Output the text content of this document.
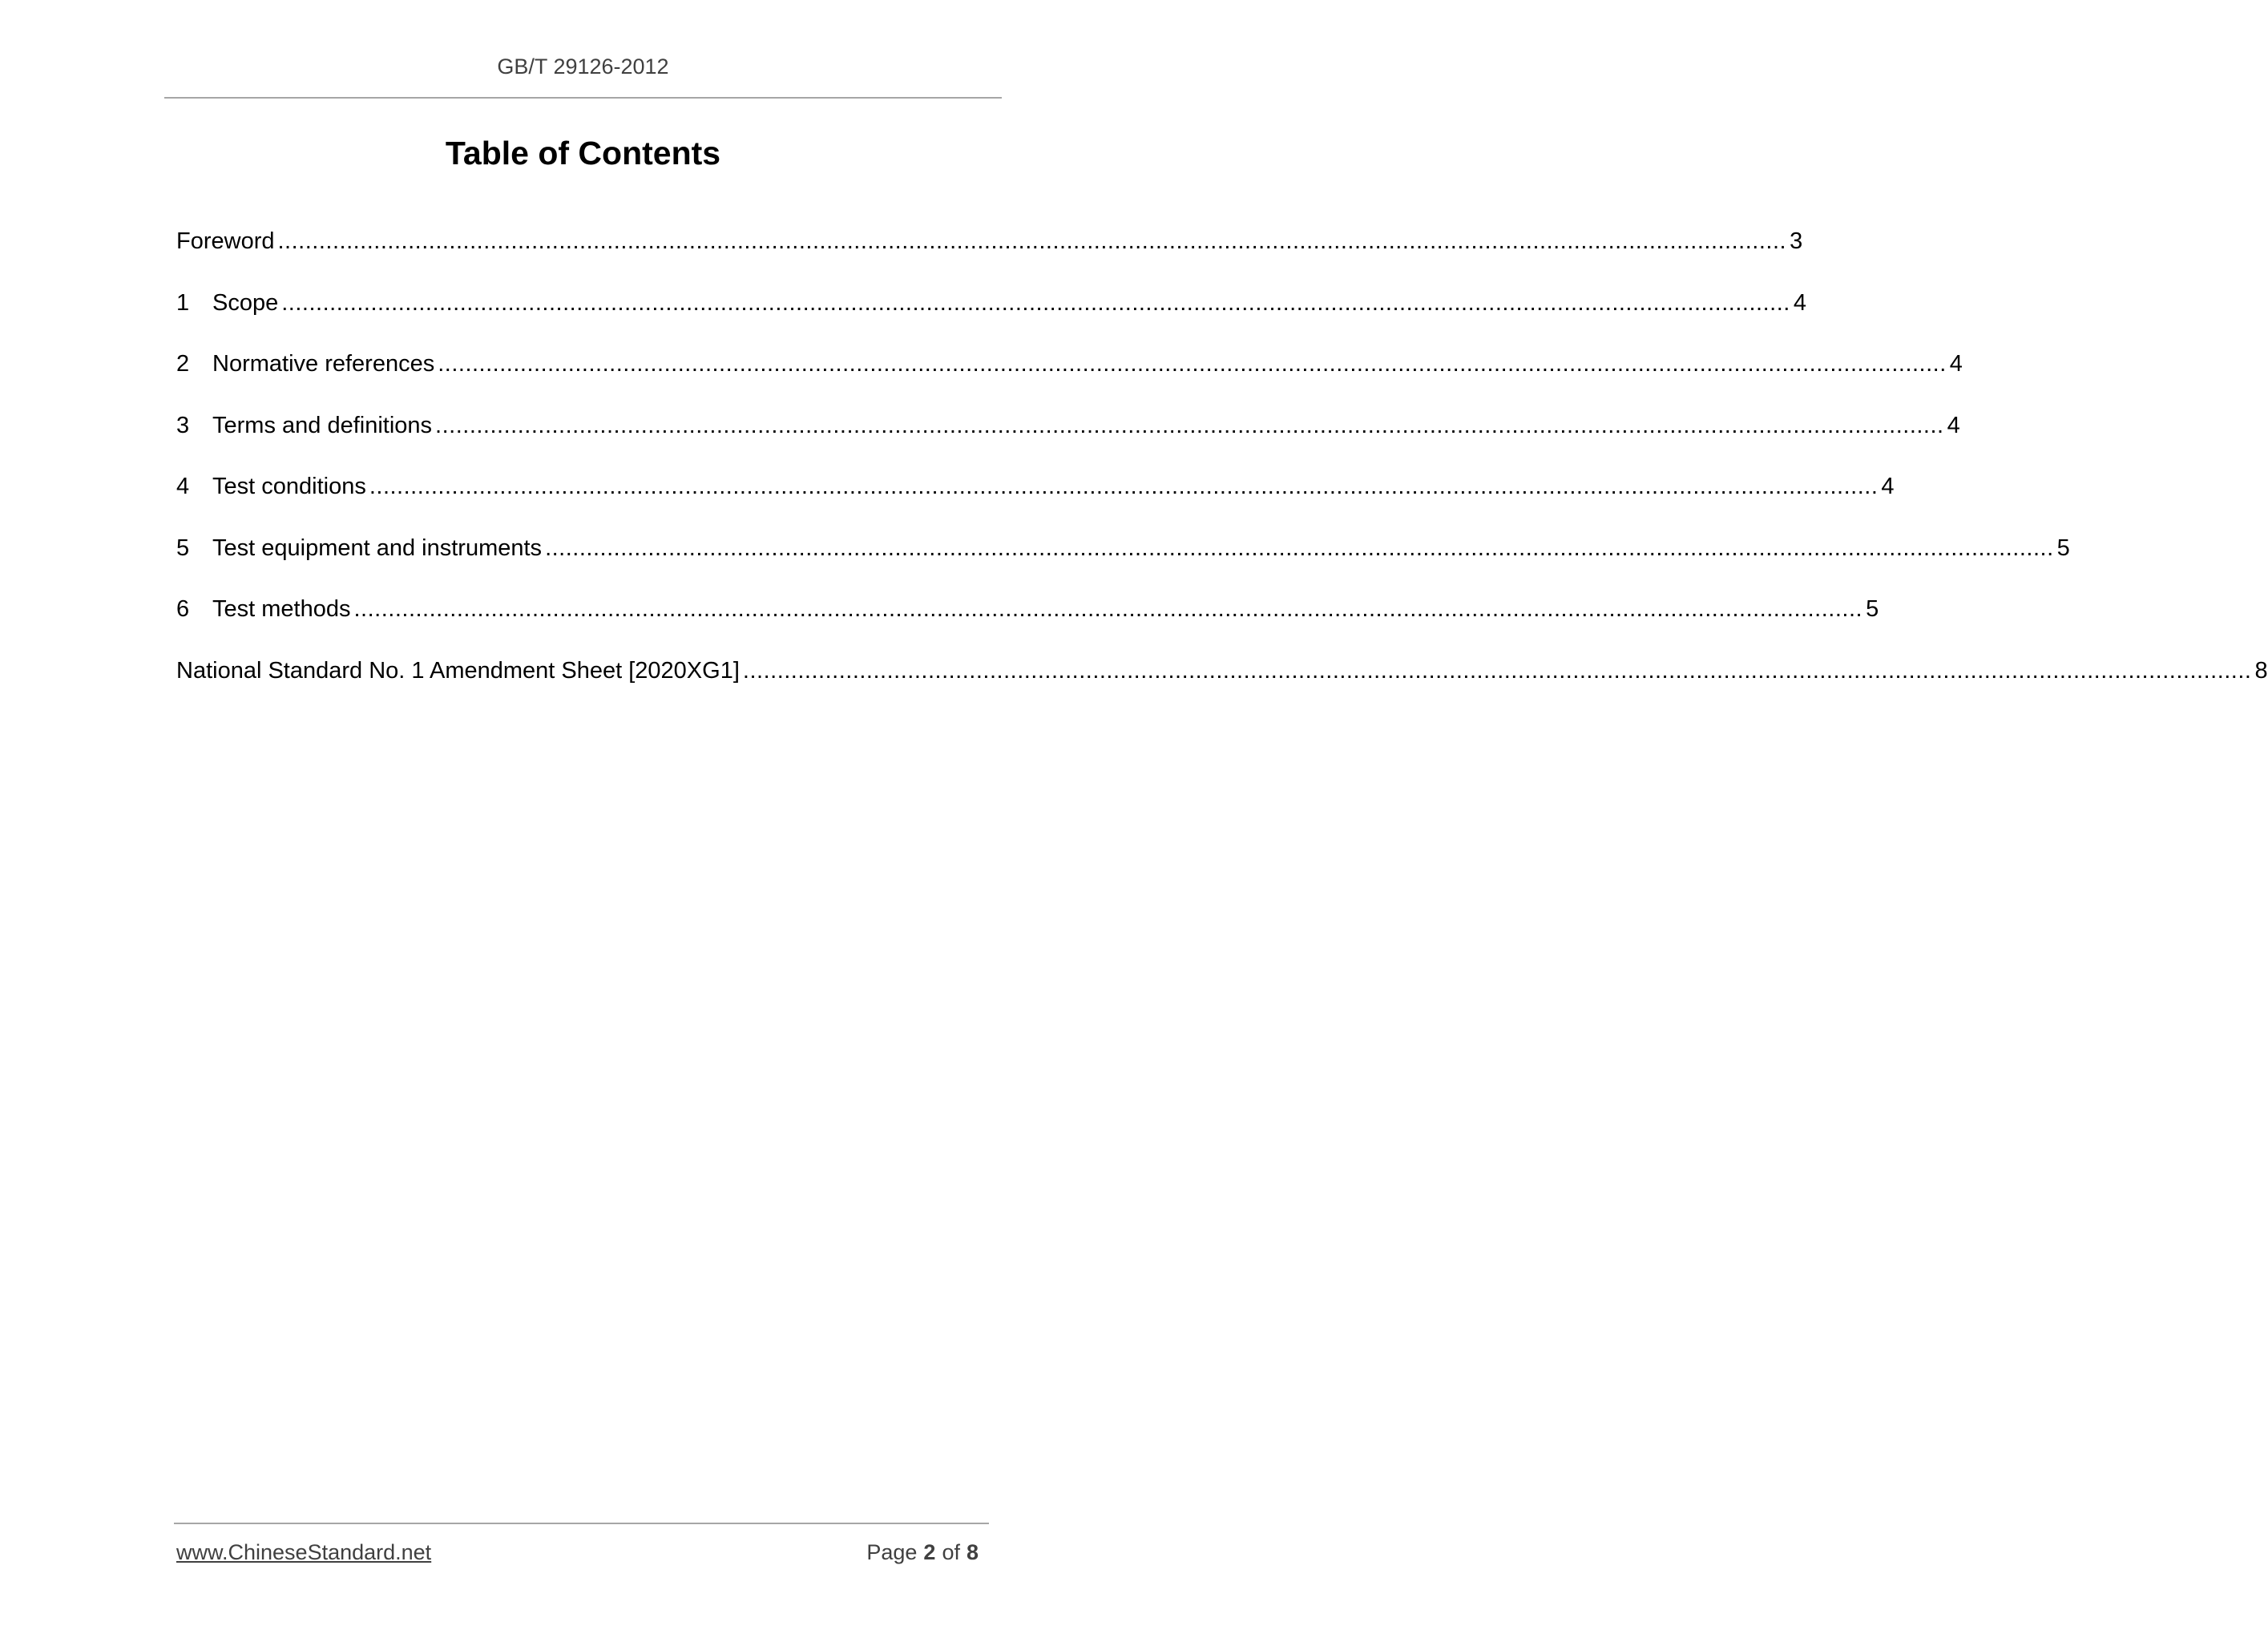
GB/T 29126-2012
Table of Contents
Foreword ............................................................................................................................................................................................................................ 3
1 Scope ............................................................................................................................................................................................................................ 4
2 Normative references ............................................................................................................................................................................................................................ 4
3 Terms and definitions ............................................................................................................................................................................................................................ 4
4 Test conditions ............................................................................................................................................................................................................................ 4
5 Test equipment and instruments ............................................................................................................................................................................................................................ 5
6 Test methods ............................................................................................................................................................................................................................ 5
National Standard No. 1 Amendment Sheet [2020XG1] ............................................................................................................................................................................................................................ 8
www.ChineseStandard.net	Page 2 of 8
